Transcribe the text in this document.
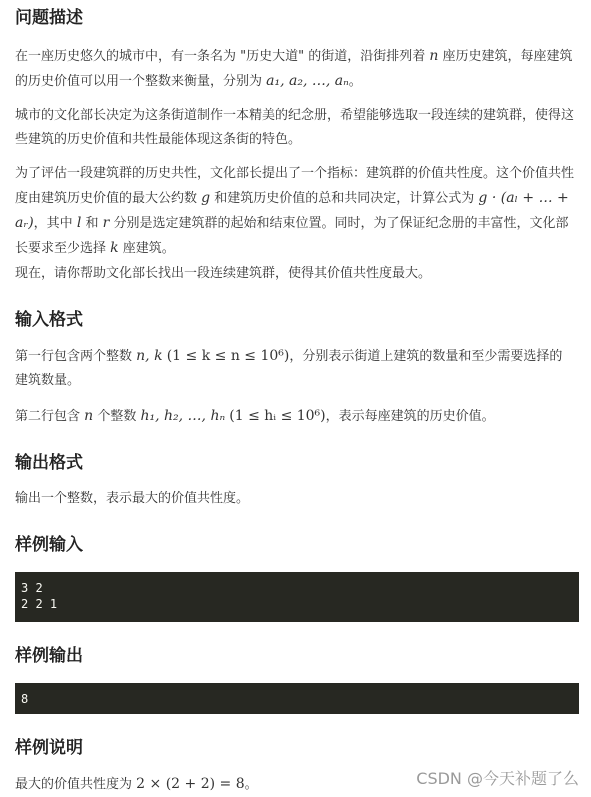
问题描述

在一座历史悠久的城市中，有一条名为 "历史大道" 的街道，沿街排列着 n 座历史建筑，每座建筑的历史价值可以用一个整数来衡量，分别为 a₁, a₂, …, aₙ。

城市的文化部长决定为这条街道制作一本精美的纪念册，希望能够选取一段连续的建筑群，使得这些建筑的历史价值和共性最能体现这条街的特色。

为了评估一段建筑群的历史共性，文化部长提出了一个指标：建筑群的价值共性度。这个价值共性度由建筑历史价值的最大公约数 g 和建筑历史价值的总和共同决定，计算公式为 g · (aₗ + … + aᵣ)，其中 l 和 r 分别是选定建筑群的起始和结束位置。同时，为了保证纪念册的丰富性，文化部长要求至少选择 k 座建筑。

现在，请你帮助文化部长找出一段连续建筑群，使得其价值共性度最大。

输入格式

第一行包含两个整数 n, k (1 ≤ k ≤ n ≤ 10⁶)，分别表示街道上建筑的数量和至少需要选择的建筑数量。

第二行包含 n 个整数 h₁, h₂, …, hₙ (1 ≤ hᵢ ≤ 10⁶)，表示每座建筑的历史价值。

输出格式

输出一个整数，表示最大的价值共性度。

样例输入
3 2
2 2 1
样例输出
8
样例说明

最大的价值共性度为 2 × (2 + 2) = 8。	CSDN @今天补题了么
